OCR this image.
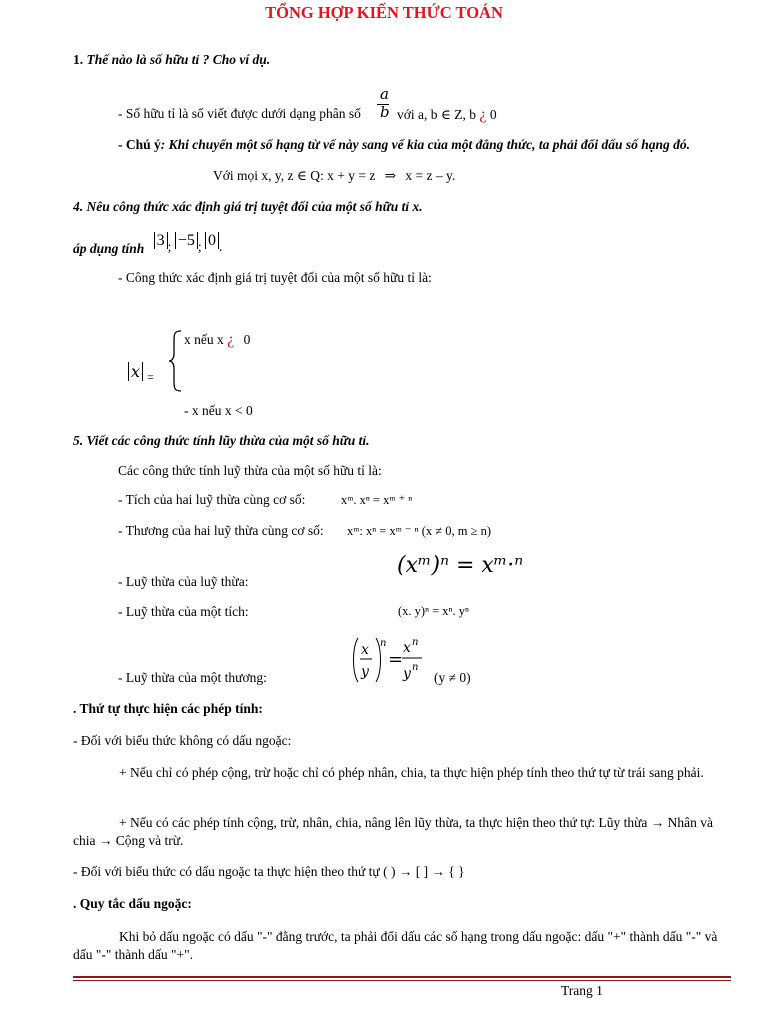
TỔNG HỢP KIẾN THỨC TOÁN
1. Thế nào là số hữu tỉ ? Cho ví dụ.
- Số hữu tỉ là số viết được dưới dạng phân số
a
b với a, b ∈ Z, b ¿ 0
- Chú ý: Khi chuyển một số hạng từ vế này sang vế kia của một đẳng thức, ta phải đổi dấu số hạng đó.
Với mọi x, y, z ∈ Q: x + y = z ⇒ x = z – y.
4. Nêu công thức xác định giá trị tuyệt đối của một số hữu tỉ x.
áp dụng tính 3 ; −5 ; 0 .
- Công thức xác định giá trị tuyệt đối của một số hữu tỉ là:
x $_=$
x nếu x ¿ 0
- x nếu x < 0
5. Viết các công thức tính lũy thừa của một số hữu tỉ.
Các công thức tính luỹ thừa của một số hữu tỉ là:
- Tích của hai luỹ thừa cùng cơ số:	xᵐ. xⁿ = xᵐ ⁺ ⁿ
- Thương của hai luỹ thừa cùng cơ số: xᵐ: xⁿ = xᵐ ⁻ ⁿ (x ≠ 0, m ≥ n)
- Luỹ thừa của luỹ thừa:
(xᵐ)ⁿ = xᵐ·ⁿ
- Luỹ thừa của một tích:	(x. y)ⁿ = xⁿ. yⁿ
- Luỹ thừa của một thương:
x
y
n
=
x n
y n
(y ≠ 0)
. Thứ tự thực hiện các phép tính:
- Đối với biểu thức không có dấu ngoặc:
+ Nếu chỉ có phép cộng, trừ hoặc chỉ có phép nhân, chia, ta thực hiện phép tính theo thứ tự từ trái sang phải.
+ Nếu có các phép tính cộng, trừ, nhân, chia, nâng lên lũy thừa, ta thực hiện theo thứ tự: Lũy thừa → Nhân và chia → Cộng và trừ.
- Đối với biểu thức có dấu ngoặc ta thực hiện theo thứ tự ( ) → [ ] → { }
. Quy tắc dấu ngoặc:
Khi bỏ dấu ngoặc có dấu "-" đằng trước, ta phải đổi dấu các số hạng trong dấu ngoặc: dấu "+" thành dấu "-" và dấu "-" thành dấu "+".
Trang 1
